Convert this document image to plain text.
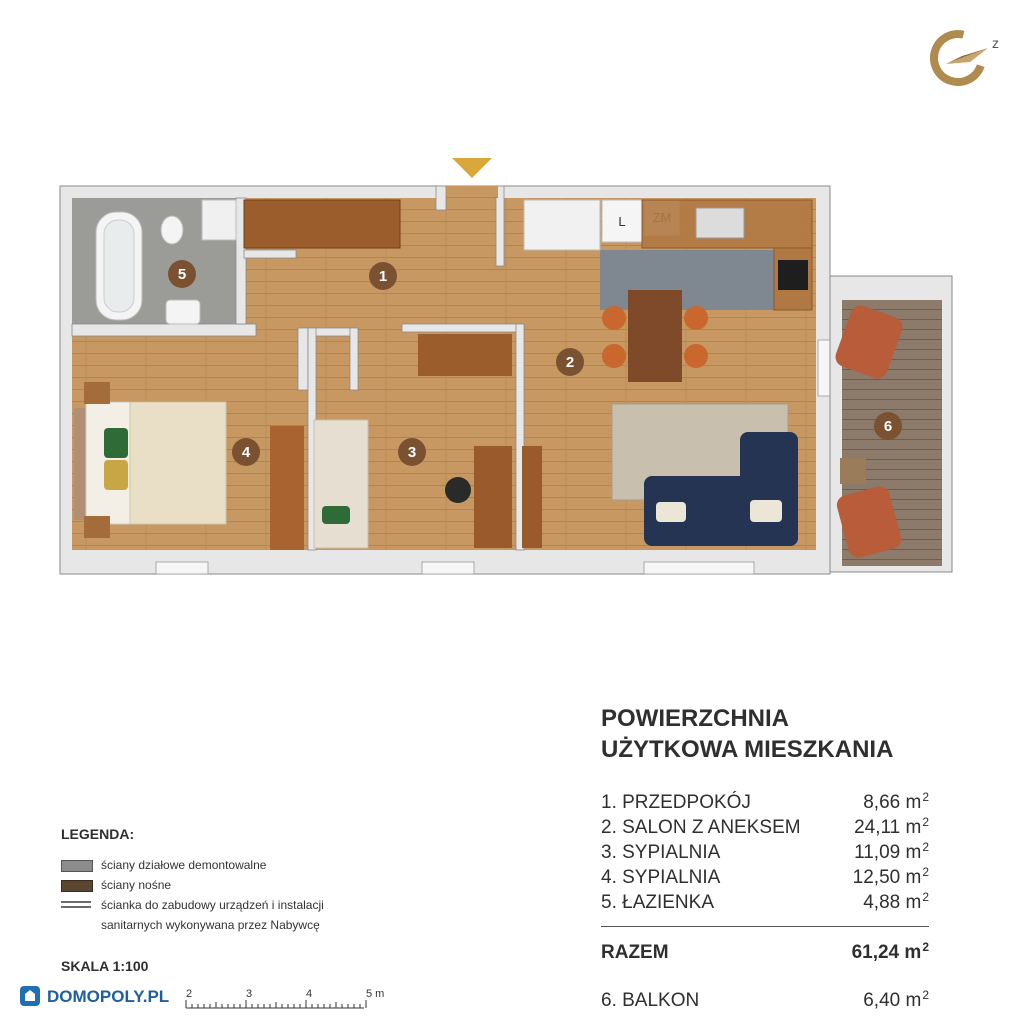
z
L
1
2
3
4
5
6
POWIERZCHNIA
UŻYTKOWA MIESZKANIA
1. PRZEDPOKÓJ	8,66 $m^2$
2. SALON Z ANEKSEM	24,11 $m^2$
3. SYPIALNIA	11,09 $m^2$
4. SYPIALNIA	12,50 $m^2$
5. ŁAZIENKA	4,88 $m^2$
RAZEM	61,24 $m^2$
6. BALKON	6,40 $m^2$
LEGENDA:
ściany działowe demontowalne
ściany nośne
ścianka do zabudowy urządzeń i instalacji
sanitarnych wykonywana przez Nabywcę
SKALA 1:100
DOMOPOLY.PL 2	3	4	5 m
